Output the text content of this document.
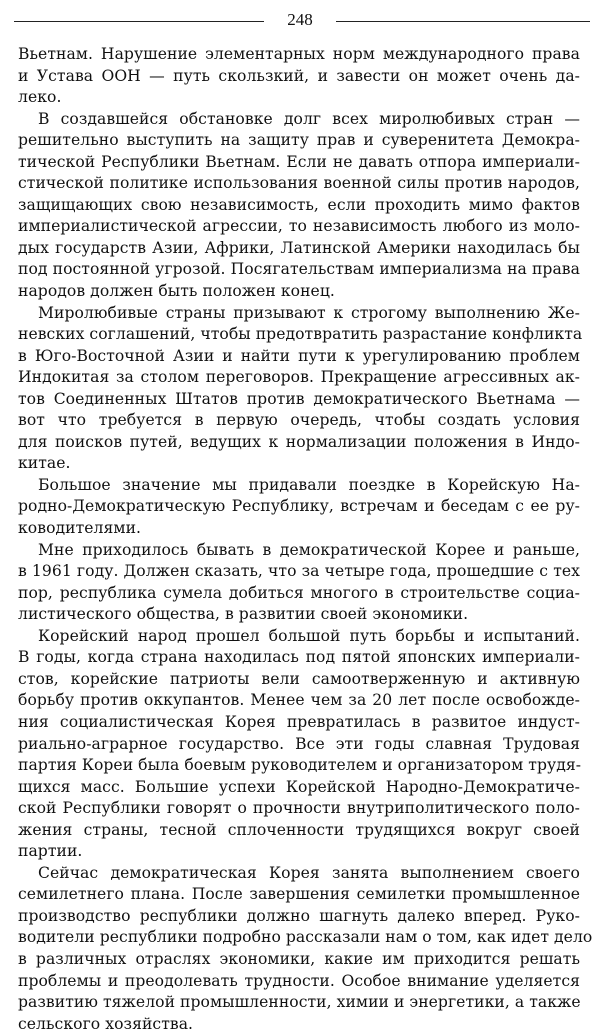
248
Вьетнам. Нарушение элементарных норм международного права
и Устава ООН — путь скользкий, и завести он может очень да-
леко.
В создавшейся обстановке долг всех миролюбивых стран —
решительно выступить на защиту прав и суверенитета Демокра-
тической Республики Вьетнам. Если не давать отпора империали-
стической политике использования военной силы против народов,
защищающих свою независимость, если проходить мимо фактов
империалистической агрессии, то независимость любого из моло-
дых государств Азии, Африки, Латинской Америки находилась бы
под постоянной угрозой. Посягательствам империализма на права
народов должен быть положен конец.
Миролюбивые страны призывают к строгому выполнению Же-
невских соглашений, чтобы предотвратить разрастание конфликта
в Юго-Восточной Азии и найти пути к урегулированию проблем
Индокитая за столом переговоров. Прекращение агрессивных ак-
тов Соединенных Штатов против демократического Вьетнама —
вот что требуется в первую очередь, чтобы создать условия
для поисков путей, ведущих к нормализации положения в Индо-
китае.
Большое значение мы придавали поездке в Корейскую На-
родно-Демократическую Республику, встречам и беседам с ее ру-
ководителями.
Мне приходилось бывать в демократической Корее и раньше,
в 1961 году. Должен сказать, что за четыре года, прошедшие с тех
пор, республика сумела добиться многого в строительстве социа-
листического общества, в развитии своей экономики.
Корейский народ прошел большой путь борьбы и испытаний.
В годы, когда страна находилась под пятой японских империали-
стов, корейские патриоты вели самоотверженную и активную
борьбу против оккупантов. Менее чем за 20 лет после освобожде-
ния социалистическая Корея превратилась в развитое индуст-
риально-аграрное государство. Все эти годы славная Трудовая
партия Кореи была боевым руководителем и организатором трудя-
щихся масс. Большие успехи Корейской Народно-Демократиче-
ской Республики говорят о прочности внутриполитического поло-
жения страны, тесной сплоченности трудящихся вокруг своей
партии.
Сейчас демократическая Корея занята выполнением своего
семилетнего плана. После завершения семилетки промышленное
производство республики должно шагнуть далеко вперед. Руко-
водители республики подробно рассказали нам о том, как идет дело
в различных отраслях экономики, какие им приходится решать
проблемы и преодолевать трудности. Особое внимание уделяется
развитию тяжелой промышленности, химии и энергетики, а также
сельского хозяйства.
